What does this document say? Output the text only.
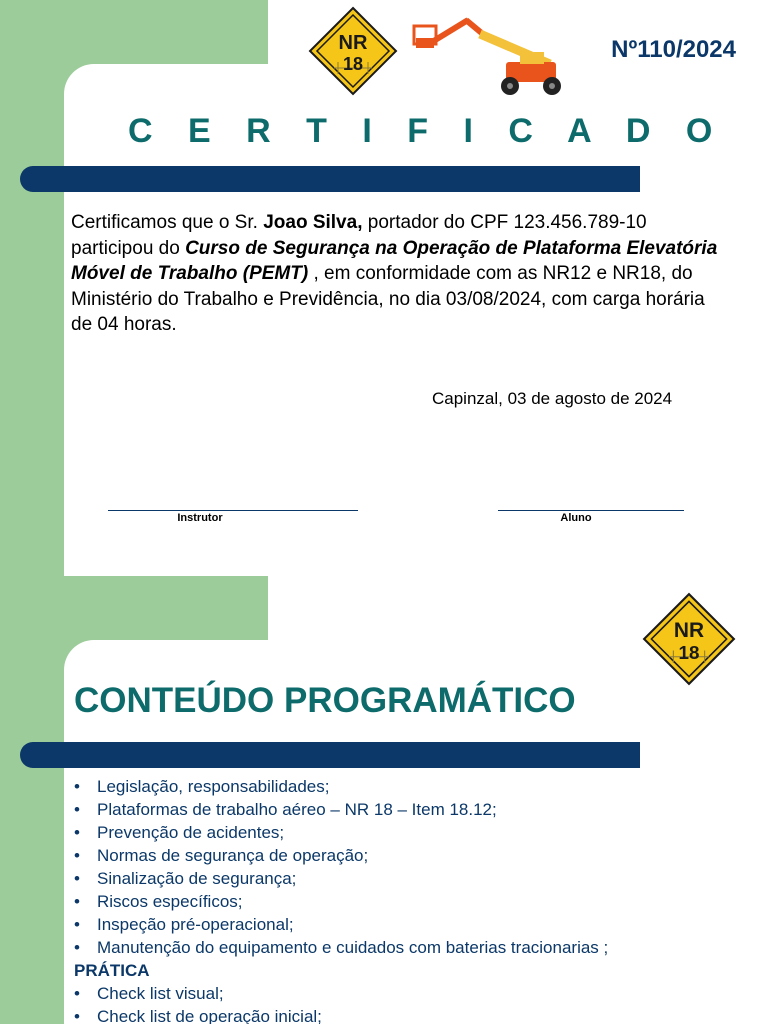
NR
18
Nº110/2024
C E R T I F I C A D O
Certificamos que o Sr. Joao Silva, portador do CPF 123.456.789-10 participou do Curso de Segurança na Operação de Plataforma Elevatória Móvel de Trabalho (PEMT) , em conformidade com as NR12 e NR18, do Ministério do Trabalho e Previdência, no dia 03/08/2024, com carga horária de 04 horas.
Capinzal, 03 de agosto de 2024
Instrutor	Aluno
NR
18
CONTEÚDO PROGRAMÁTICO
• Legislação, responsabilidades;
• Plataformas de trabalho aéreo – NR 18 – Item 18.12;
• Prevenção de acidentes;
• Normas de segurança de operação;
• Sinalização de segurança;
• Riscos específicos;
• Inspeção pré-operacional;
• Manutenção do equipamento e cuidados com baterias tracionarias ;
PRÁTICA
• Check list visual;
• Check list de operação inicial;
